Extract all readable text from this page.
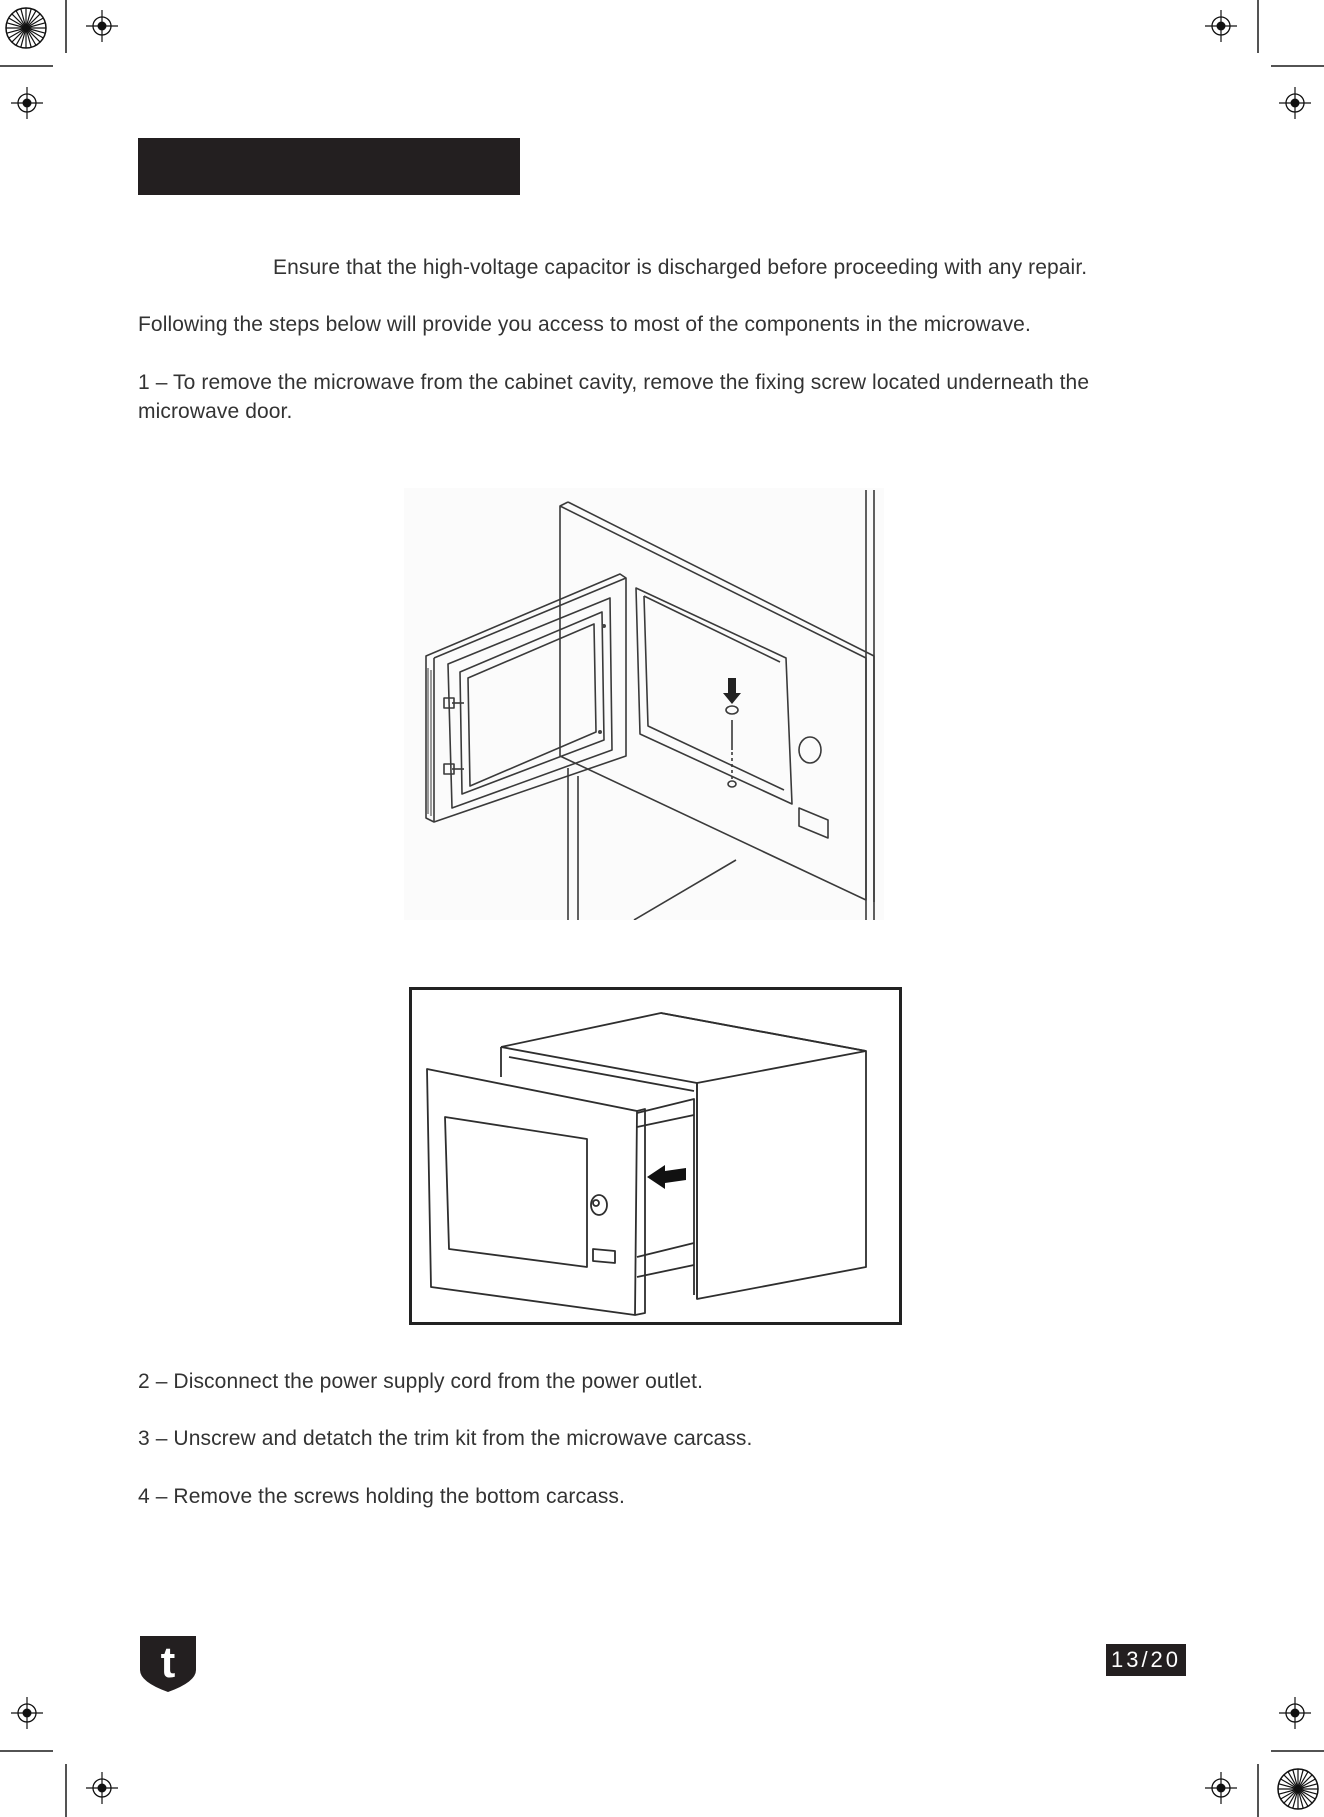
Ensure that the high-voltage capacitor is discharged before proceeding with any repair.
Following the steps below will provide you access to most of the components in the microwave.
1 – To remove the microwave from the cabinet cavity, remove the fixing screw located underneath the microwave door.
2 – Disconnect the power supply cord from the power outlet.
3 – Unscrew and detatch the trim kit from the microwave carcass.
4 – Remove the screws holding the bottom carcass.
t	13/20
